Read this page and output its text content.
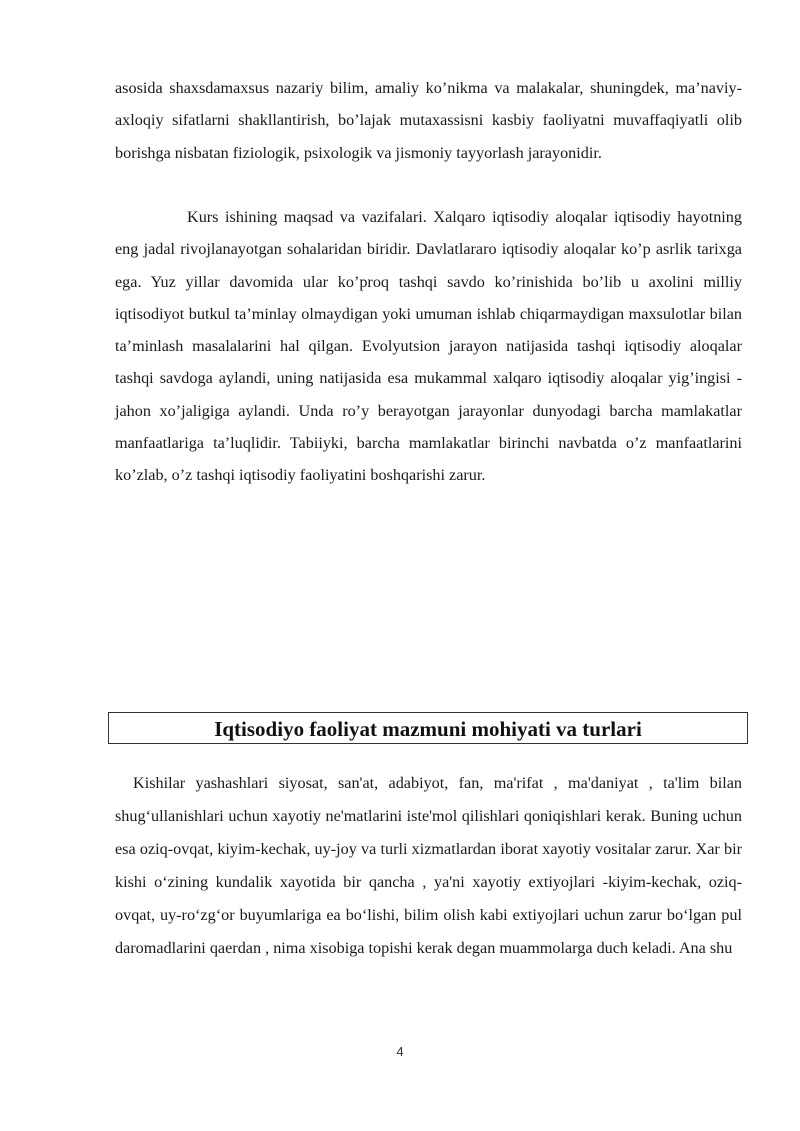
asosida shaxsdamaxsus nazariy bilim, amaliy ko’nikma va malakalar, shuningdek, ma’naviy-axloqiy sifatlarni shakllantirish, bo’lajak mutaxassisni kasbiy faoliyatni muvaffaqiyatli olib borishga nisbatan fiziologik, psixologik va jismoniy tayyorlash jarayonidir.

Kurs ishining maqsad va vazifalari. Xalqaro iqtisodiy aloqalar iqtisodiy hayotning eng jadal rivojlanayotgan sohalaridan biridir. Davlatlararo iqtisodiy aloqalar ko’p asrlik tarixga ega. Yuz yillar davomida ular ko’proq tashqi savdo ko’rinishida bo’lib u axolini milliy iqtisodiyot butkul ta’minlay olmaydigan yoki umuman ishlab chiqarmaydigan maxsulotlar bilan ta’minlash masalalarini hal qilgan. Evolyutsion jarayon natijasida tashqi iqtisodiy aloqalar tashqi savdoga aylandi, uning natijasida esa mukammal xalqaro iqtisodiy aloqalar yig’ingisi - jahon xo’jaligiga aylandi. Unda ro’y berayotgan jarayonlar dunyodagi barcha mamlakatlar manfaatlariga ta’luqlidir. Tabiiyki, barcha mamlakatlar birinchi navbatda o’z manfaatlarini ko’zlab, o’z tashqi iqtisodiy faoliyatini boshqarishi zarur.

Iqtisodiyo faoliyat mazmuni mohiyati va turlari

Kishilar yashashlari siyosat, san'at, adabiyot, fan, ma'rifat , ma'daniyat , ta'lim bilan shug‘ullanishlari uchun xayotiy ne'matlarini iste'mol qilishlari qoniqishlari kerak. Buning uchun esa oziq-ovqat, kiyim-kechak, uy-joy va turli xizmatlardan iborat xayotiy vositalar zarur. Xar bir kishi o‘zining kundalik xayotida bir qancha , ya'ni xayotiy extiyojlari -kiyim-kechak, oziq-ovqat, uy-ro‘zg‘or buyumlariga ea bo‘lishi, bilim olish kabi extiyojlari uchun zarur bo‘lgan pul daromadlarini qaerdan , nima xisobiga topishi kerak degan muammolarga duch keladi. Ana shu

4
